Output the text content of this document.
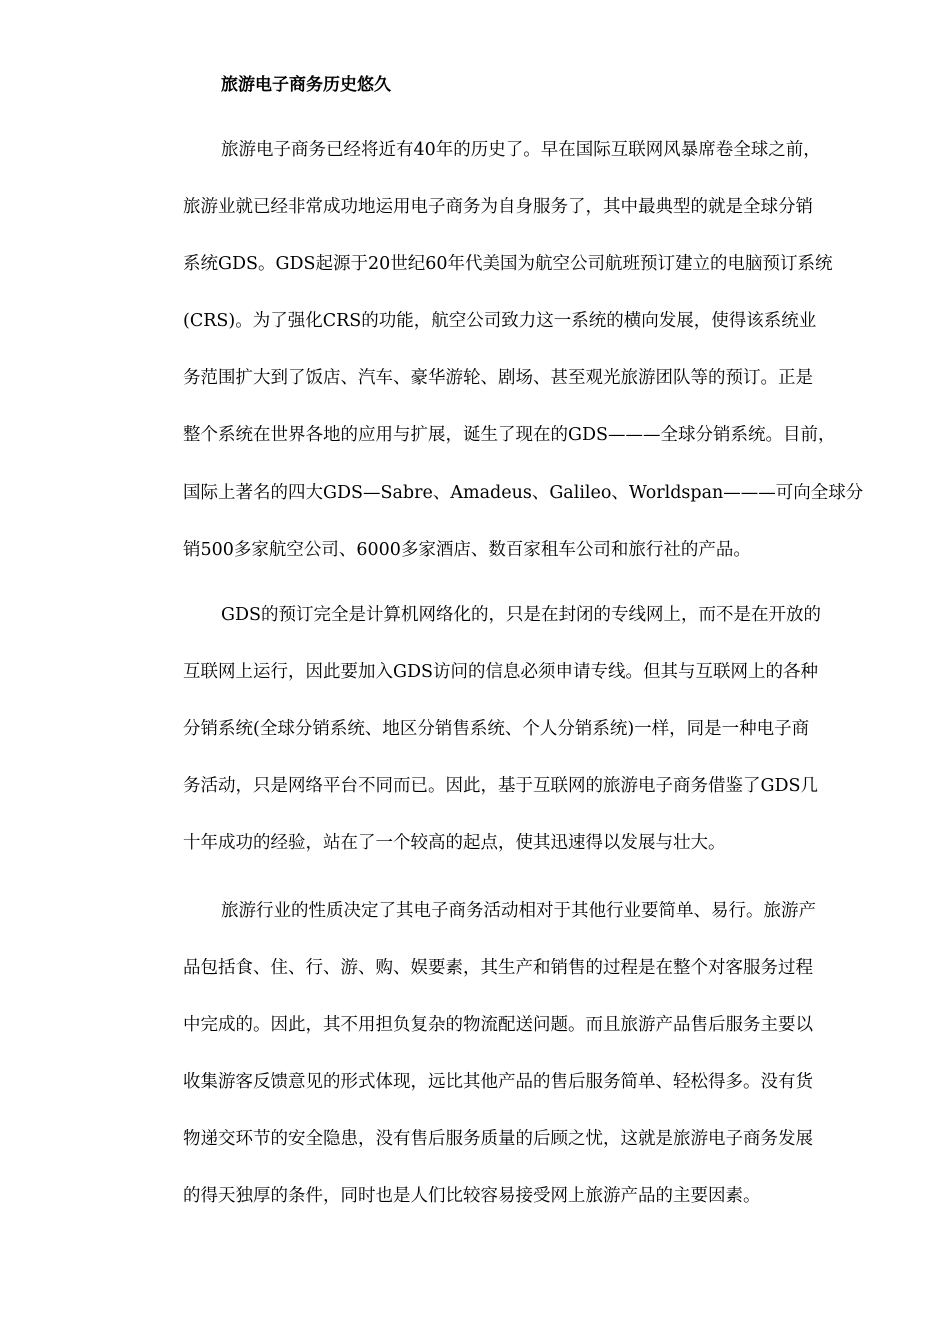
旅游电子商务历史悠久
旅游电子商务已经将近有40年的历史了。早在国际互联网风暴席卷全球之前，
旅游业就已经非常成功地运用电子商务为自身服务了，其中最典型的就是全球分销
系统GDS。GDS起源于20世纪60年代美国为航空公司航班预订建立的电脑预订系统
(CRS)。为了强化CRS的功能，航空公司致力这一系统的横向发展，使得该系统业
务范围扩大到了饭店、汽车、豪华游轮、剧场、甚至观光旅游团队等的预订。正是
整个系统在世界各地的应用与扩展，诞生了现在的GDS———全球分销系统。目前，
国际上著名的四大GDS—Sabre、Amadeus、Galileo、Worldspan———可向全球分
销500多家航空公司、6000多家酒店、数百家租车公司和旅行社的产品。
GDS的预订完全是计算机网络化的，只是在封闭的专线网上，而不是在开放的
互联网上运行，因此要加入GDS访问的信息必须申请专线。但其与互联网上的各种
分销系统(全球分销系统、地区分销售系统、个人分销系统)一样，同是一种电子商
务活动，只是网络平台不同而已。因此，基于互联网的旅游电子商务借鉴了GDS几
十年成功的经验，站在了一个较高的起点，使其迅速得以发展与壮大。
旅游行业的性质决定了其电子商务活动相对于其他行业要简单、易行。旅游产
品包括食、住、行、游、购、娱要素，其生产和销售的过程是在整个对客服务过程
中完成的。因此，其不用担负复杂的物流配送问题。而且旅游产品售后服务主要以
收集游客反馈意见的形式体现，远比其他产品的售后服务简单、轻松得多。没有货
物递交环节的安全隐患，没有售后服务质量的后顾之忧，这就是旅游电子商务发展
的得天独厚的条件，同时也是人们比较容易接受网上旅游产品的主要因素。
